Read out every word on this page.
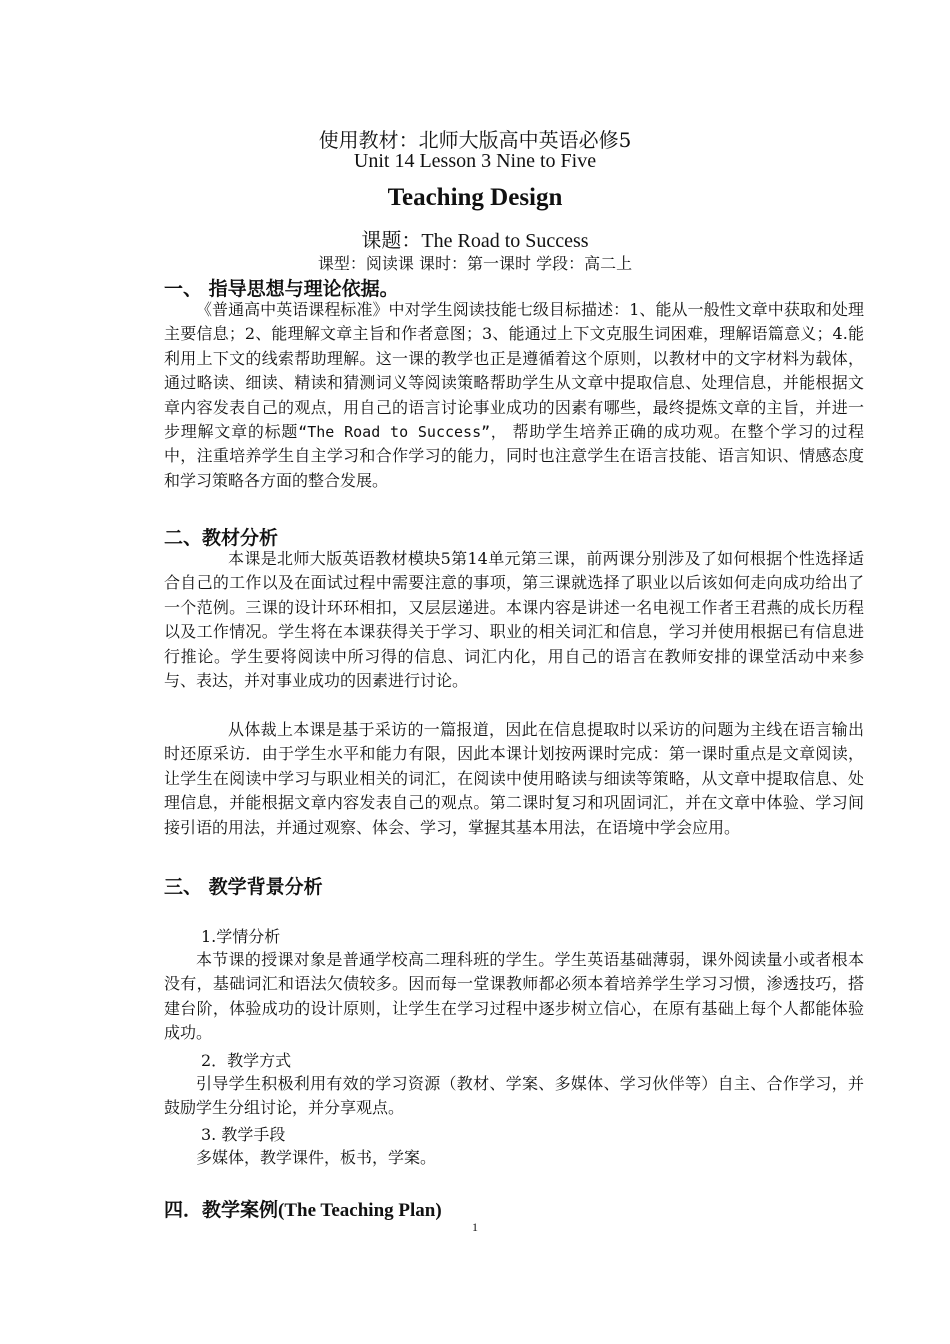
使用教材：北师大版高中英语必修5
Unit 14 Lesson 3 Nine to Five
Teaching Design
课题：The Road to Success
课型：阅读课 课时：第一课时 学段：高二上
一、 指导思想与理论依据。

《普通高中英语课程标准》中对学生阅读技能七级目标描述：1、能从一般性文章中获取和处理主要信息；2、能理解文章主旨和作者意图；3、能通过上下文克服生词困难，理解语篇意义；4.能利用上下文的线索帮助理解。这一课的教学也正是遵循着这个原则，以教材中的文字材料为载体，通过略读、细读、精读和猜测词义等阅读策略帮助学生从文章中提取信息、处理信息，并能根据文章内容发表自己的观点，用自己的语言讨论事业成功的因素有哪些，最终提炼文章的主旨，并进一步理解文章的标题“The Road to Success”， 帮助学生培养正确的成功观。在整个学习的过程中，注重培养学生自主学习和合作学习的能力，同时也注意学生在语言技能、语言知识、情感态度和学习策略各方面的整合发展。

二、教材分析

本课是北师大版英语教材模块5第14单元第三课，前两课分别涉及了如何根据个性选择适合自己的工作以及在面试过程中需要注意的事项，第三课就选择了职业以后该如何走向成功给出了一个范例。三课的设计环环相扣，又层层递进。本课内容是讲述一名电视工作者王君燕的成长历程以及工作情况。学生将在本课获得关于学习、职业的相关词汇和信息，学习并使用根据已有信息进行推论。学生要将阅读中所习得的信息、词汇内化，用自己的语言在教师安排的课堂活动中来参与、表达，并对事业成功的因素进行讨论。

从体裁上本课是基于采访的一篇报道，因此在信息提取时以采访的问题为主线在语言输出时还原采访．由于学生水平和能力有限，因此本课计划按两课时完成：第一课时重点是文章阅读，让学生在阅读中学习与职业相关的词汇，在阅读中使用略读与细读等策略，从文章中提取信息、处理信息，并能根据文章内容发表自己的观点。第二课时复习和巩固词汇，并在文章中体验、学习间接引语的用法，并通过观察、体会、学习，掌握其基本用法，在语境中学会应用。

三、 教学背景分析
1.学情分析

本节课的授课对象是普通学校高二理科班的学生。学生英语基础薄弱，课外阅读量小或者根本没有，基础词汇和语法欠债较多。因而每一堂课教师都必须本着培养学生学习习惯，渗透技巧，搭建台阶，体验成功的设计原则，让学生在学习过程中逐步树立信心，在原有基础上每个人都能体验成功。

2．教学方式

引导学生积极利用有效的学习资源（教材、学案、多媒体、学习伙伴等）自主、合作学习，并鼓励学生分组讨论，并分享观点。

3. 教学手段

多媒体，教学课件，板书，学案。

四．教学案例(The Teaching Plan)
1
